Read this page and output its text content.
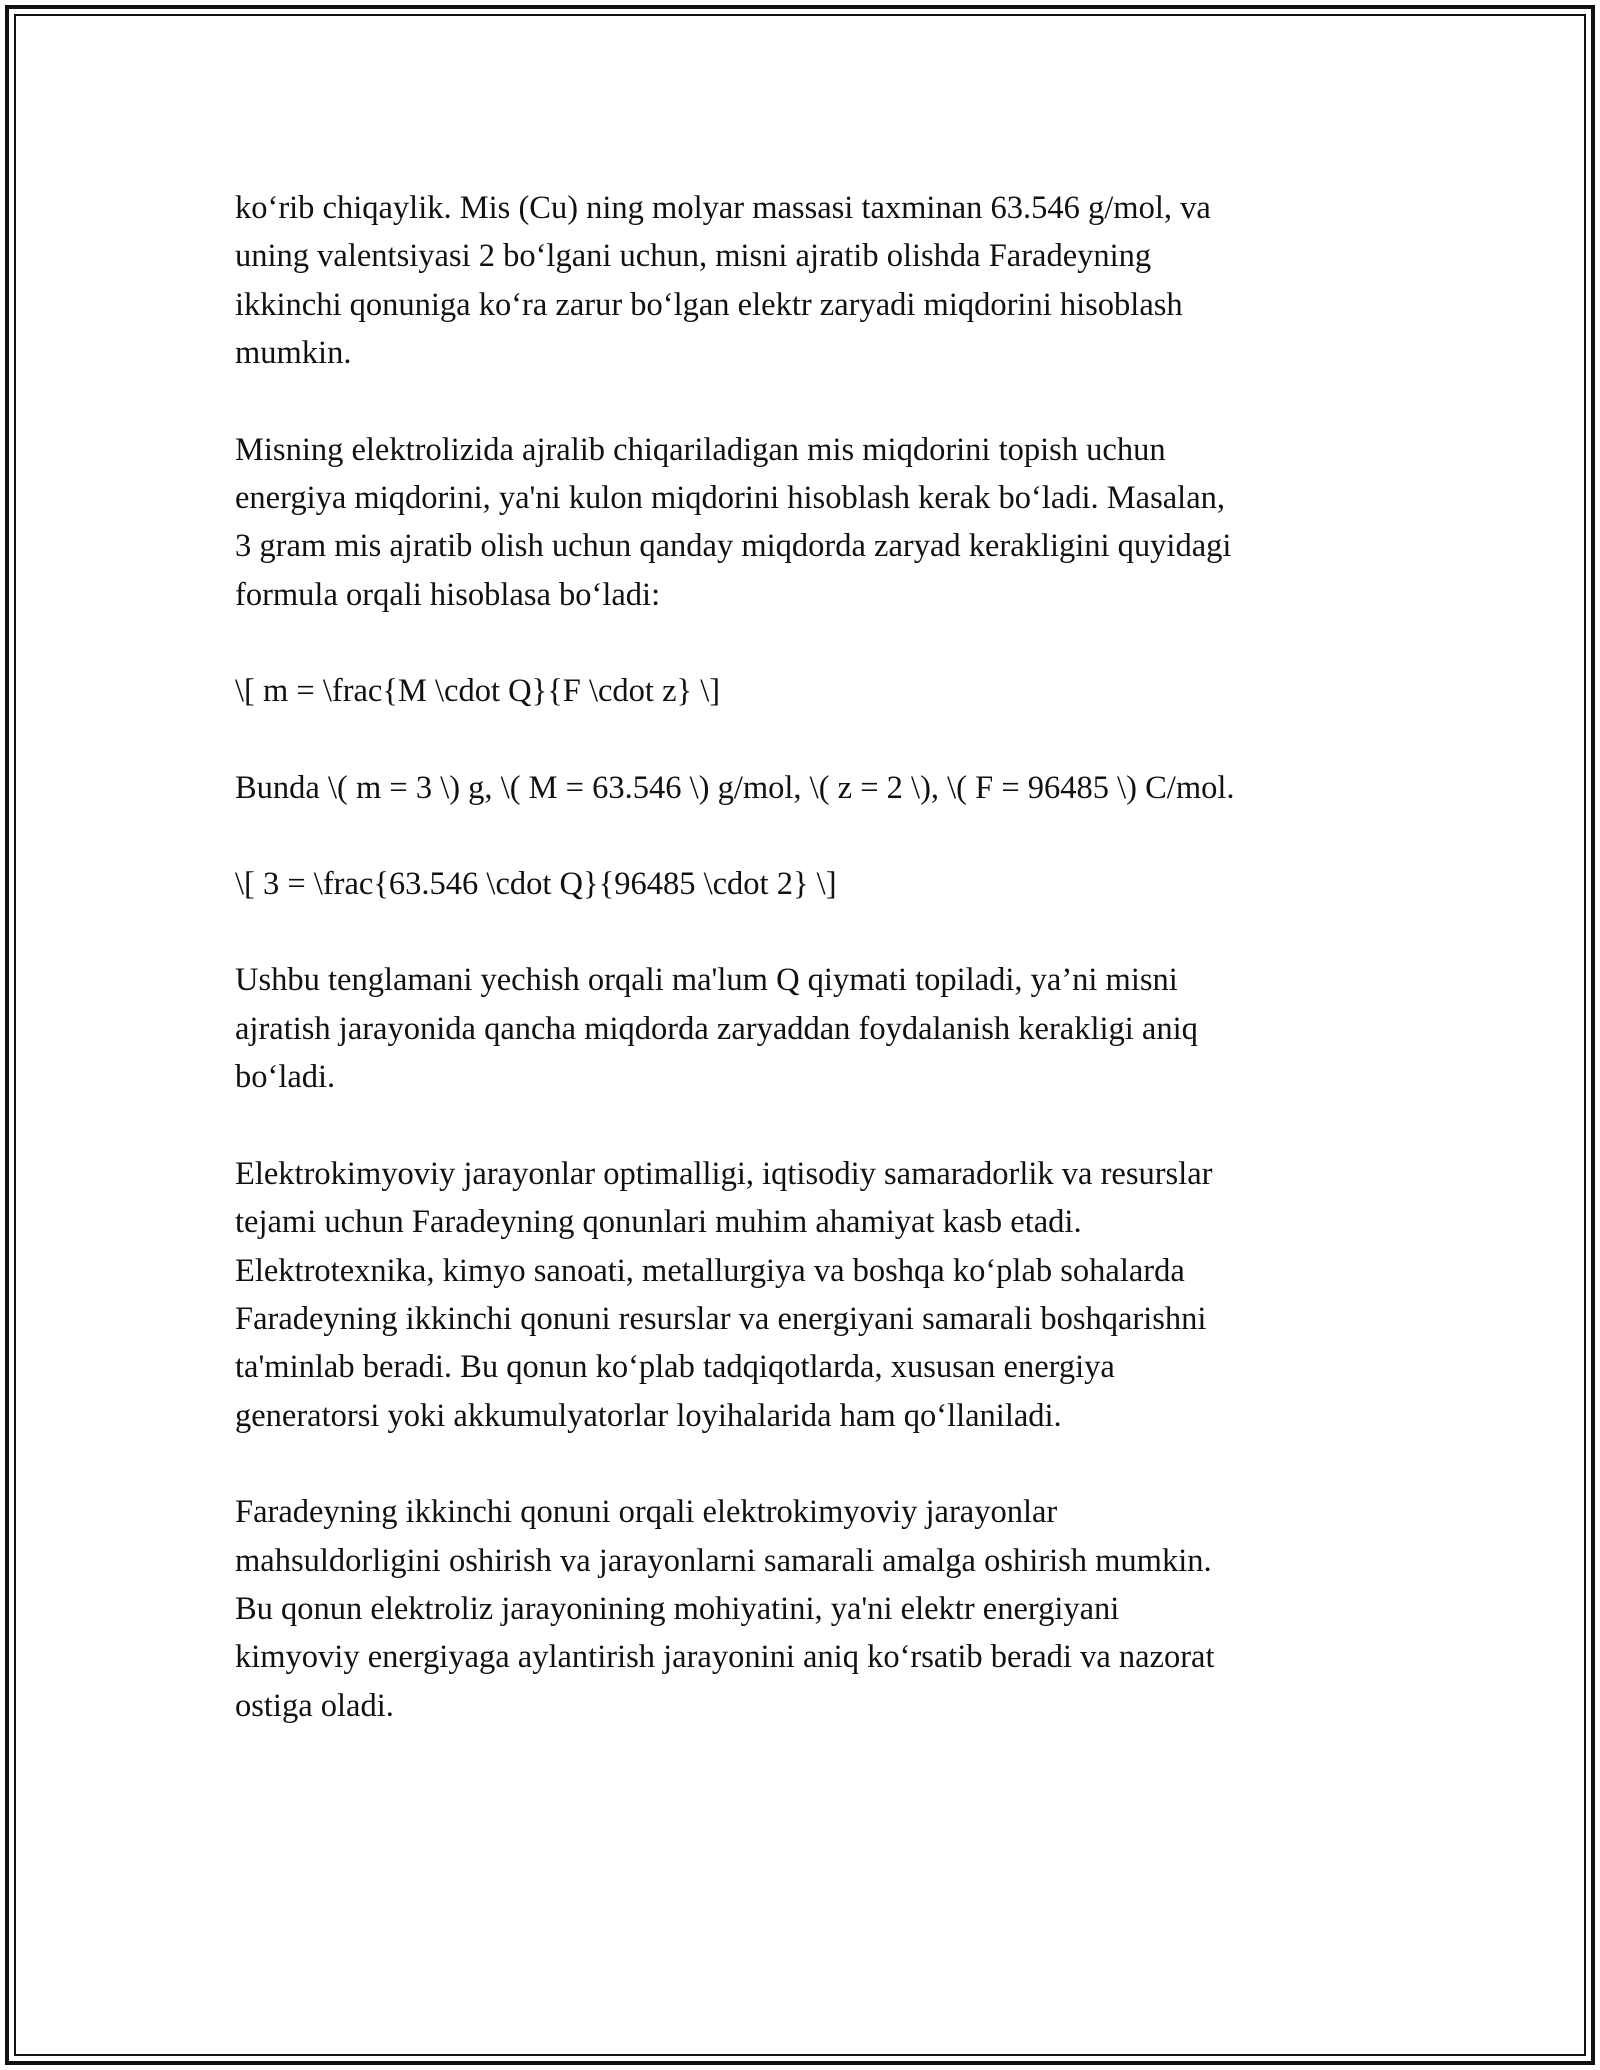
ko‘rib chiqaylik. Mis (Cu) ning molyar massasi taxminan 63.546 g/mol, va
uning valentsiyasi 2 bo‘lgani uchun, misni ajratib olishda Faradeyning
ikkinchi qonuniga ko‘ra zarur bo‘lgan elektr zaryadi miqdorini hisoblash
mumkin.

Misning elektrolizida ajralib chiqariladigan mis miqdorini topish uchun
energiya miqdorini, ya'ni kulon miqdorini hisoblash kerak bo‘ladi. Masalan,
3 gram mis ajratib olish uchun qanday miqdorda zaryad kerakligini quyidagi
formula orqali hisoblasa bo‘ladi:

\[ m = \frac{M \cdot Q}{F \cdot z} \]

Bunda \( m = 3 \) g, \( M = 63.546 \) g/mol, \( z = 2 \), \( F = 96485 \) C/mol.

\[ 3 = \frac{63.546 \cdot Q}{96485 \cdot 2} \]

Ushbu tenglamani yechish orqali ma'lum Q qiymati topiladi, ya’ni misni
ajratish jarayonida qancha miqdorda zaryaddan foydalanish kerakligi aniq
bo‘ladi.

Elektrokimyoviy jarayonlar optimalligi, iqtisodiy samaradorlik va resurslar
tejami uchun Faradeyning qonunlari muhim ahamiyat kasb etadi.
Elektrotexnika, kimyo sanoati, metallurgiya va boshqa ko‘plab sohalarda
Faradeyning ikkinchi qonuni resurslar va energiyani samarali boshqarishni
ta'minlab beradi. Bu qonun ko‘plab tadqiqotlarda, xususan energiya
generatorsi yoki akkumulyatorlar loyihalarida ham qo‘llaniladi.

Faradeyning ikkinchi qonuni orqali elektrokimyoviy jarayonlar
mahsuldorligini oshirish va jarayonlarni samarali amalga oshirish mumkin.
Bu qonun elektroliz jarayonining mohiyatini, ya'ni elektr energiyani
kimyoviy energiyaga aylantirish jarayonini aniq ko‘rsatib beradi va nazorat
ostiga oladi.
